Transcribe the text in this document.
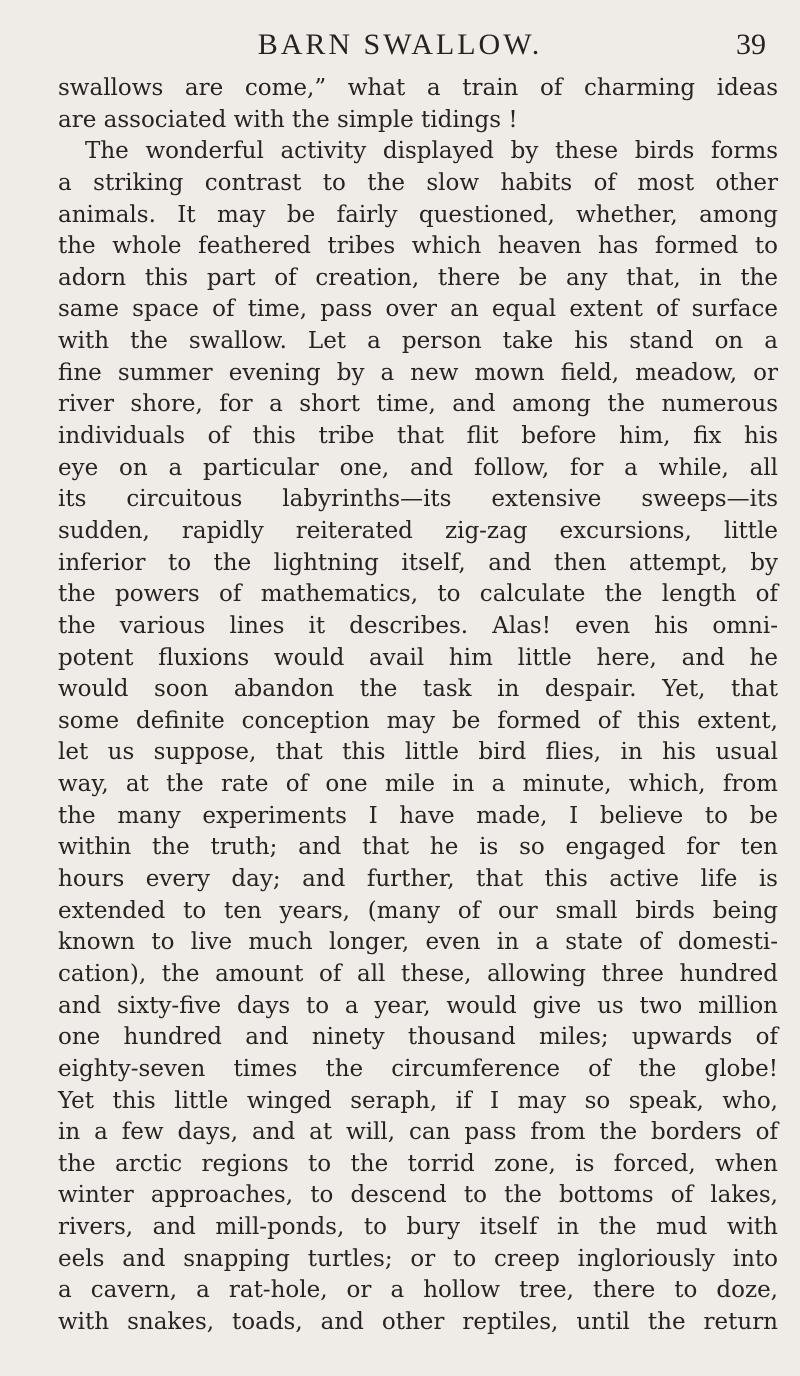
BARN SWALLOW.	39
swallows are come,” what a train of charming ideas
are associated with the simple tidings !
The wonderful activity displayed by these birds forms
a striking contrast to the slow habits of most other
animals. It may be fairly questioned, whether, among
the whole feathered tribes which heaven has formed to
adorn this part of creation, there be any that, in the
same space of time, pass over an equal extent of surface
with the swallow. Let a person take his stand on a
fine summer evening by a new mown field, meadow, or
river shore, for a short time, and among the numerous
individuals of this tribe that flit before him, fix his
eye on a particular one, and follow, for a while, all
its circuitous labyrinths—its extensive sweeps—its
sudden, rapidly reiterated zig-zag excursions, little
inferior to the lightning itself, and then attempt, by
the powers of mathematics, to calculate the length of
the various lines it describes. Alas! even his omni-
potent fluxions would avail him little here, and he
would soon abandon the task in despair. Yet, that
some definite conception may be formed of this extent,
let us suppose, that this little bird flies, in his usual
way, at the rate of one mile in a minute, which, from
the many experiments I have made, I believe to be
within the truth; and that he is so engaged for ten
hours every day; and further, that this active life is
extended to ten years, (many of our small birds being
known to live much longer, even in a state of domesti-
cation), the amount of all these, allowing three hundred
and sixty-five days to a year, would give us two million
one hundred and ninety thousand miles; upwards of
eighty-seven times the circumference of the globe!
Yet this little winged seraph, if I may so speak, who,
in a few days, and at will, can pass from the borders of
the arctic regions to the torrid zone, is forced, when
winter approaches, to descend to the bottoms of lakes,
rivers, and mill-ponds, to bury itself in the mud with
eels and snapping turtles; or to creep ingloriously into
a cavern, a rat-hole, or a hollow tree, there to doze,
with snakes, toads, and other reptiles, until the return
